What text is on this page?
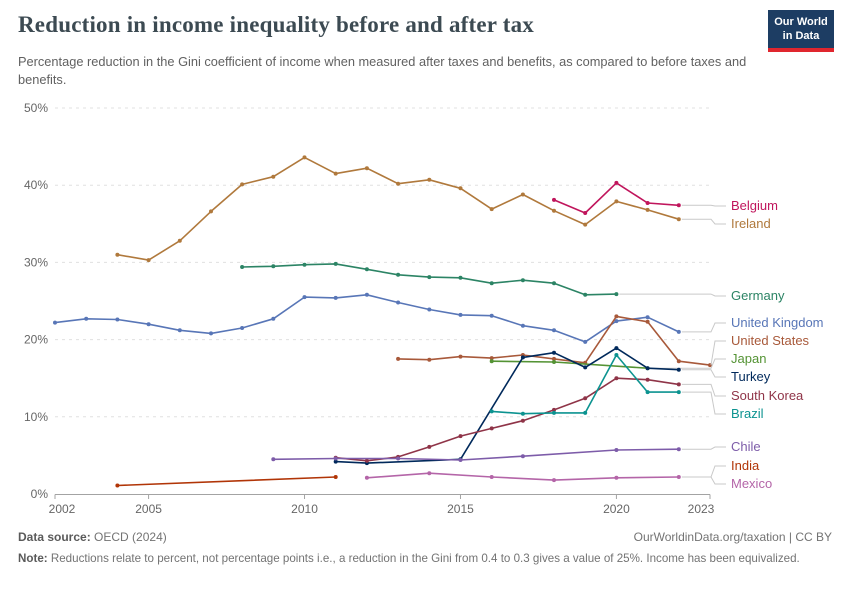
Reduction in income inequality before and after tax	Our World
in Data
Percentage reduction in the Gini coefficient of income when measured after taxes and benefits, as compared to before taxes and benefits.
0%
10%
20%
30%
40%
50%
2002	2005	2010	2015	2020	2023
Belgium
Ireland
Germany
United Kingdom
United States
Japan
Turkey
South Korea
Brazil
Chile
India
Mexico
Data source: OECD (2024)	OurWorldinData.org/taxation | CC BY
Note: Reductions relate to percent, not percentage points i.e., a reduction in the Gini from 0.4 to 0.3 gives a value of 25%. Income has been equivalized.
